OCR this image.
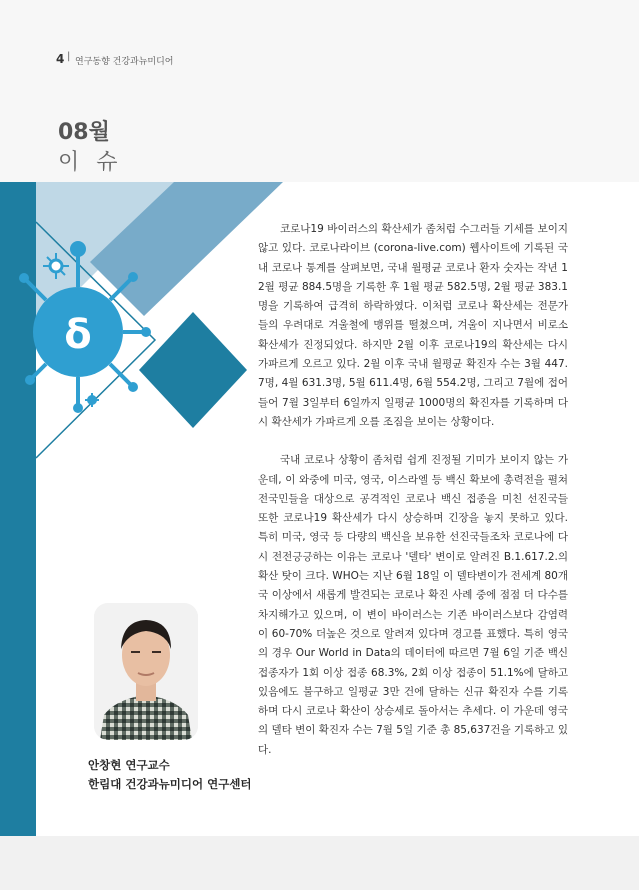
4 | 연구동향 건강과뉴미디어
08월
이 슈
δ

코로나19 바이러스의 확산세가 좀처럼 수그러들 기세를 보이지 않고 있다. 코로나라이브 (corona-live.com) 웹사이트에 기록된 국내 코로나 통계를 살펴보면, 국내 월평균 코로나 환자 숫자는 작년 12월 평균 884.5명을 기록한 후 1월 평균 582.5명, 2월 평균 383.1명을 기록하여 급격히 하락하였다. 이처럼 코로나 확산세는 전문가들의 우려대로 겨울철에 맹위를 떨쳤으며, 겨울이 지나면서 비로소 확산세가 진정되었다. 하지만 2월 이후 코로나19의 확산세는 다시 가파르게 오르고 있다. 2월 이후 국내 월평균 확진자 수는 3월 447.7명, 4월 631.3명, 5월 611.4명, 6월 554.2명, 그리고 7월에 접어들어 7월 3일부터 6일까지 일평균 1000명의 확진자를 기록하며 다시 확산세가 가파르게 오를 조짐을 보이는 상황이다.

국내 코로나 상황이 좀처럼 쉽게 진정될 기미가 보이지 않는 가운데, 이 와중에 미국, 영국, 이스라엘 등 백신 확보에 총력전을 펼쳐 전국민들을 대상으로 공격적인 코로나 백신 접종을 미친 선진국들 또한 코로나19 확산세가 다시 상승하며 긴장을 놓지 못하고 있다. 특히 미국, 영국 등 다량의 백신을 보유한 선진국들조차 코로나에 다시 전전긍긍하는 이유는 코로나 '델타' 변이로 알려진 B.1.617.2.의 확산 탓이 크다. WHO는 지난 6월 18일 이 델타변이가 전세계 80개국 이상에서 새롭게 발견되는 코로나 확진 사례 중에 점점 더 다수를 차지해가고 있으며, 이 변이 바이러스는 기존 바이러스보다 감염력이 60-70% 더높은 것으로 알려져 있다며 경고를 표했다. 특히 영국의 경우 Our World in Data의 데이터에 따르면 7월 6일 기준 백신 접종자가 1회 이상 접종 68.3%, 2회 이상 접종이 51.1%에 달하고 있음에도 불구하고 일평균 3만 건에 달하는 신규 확진자 수를 기록하며 다시 코로나 확산이 상승세로 돌아서는 추세다. 이 가운데 영국의 델타 변이 확진자 수는 7월 5일 기준 총 85,637건을 기록하고 있다.

안창현 연구교수
한림대 건강과뉴미디어 연구센터
